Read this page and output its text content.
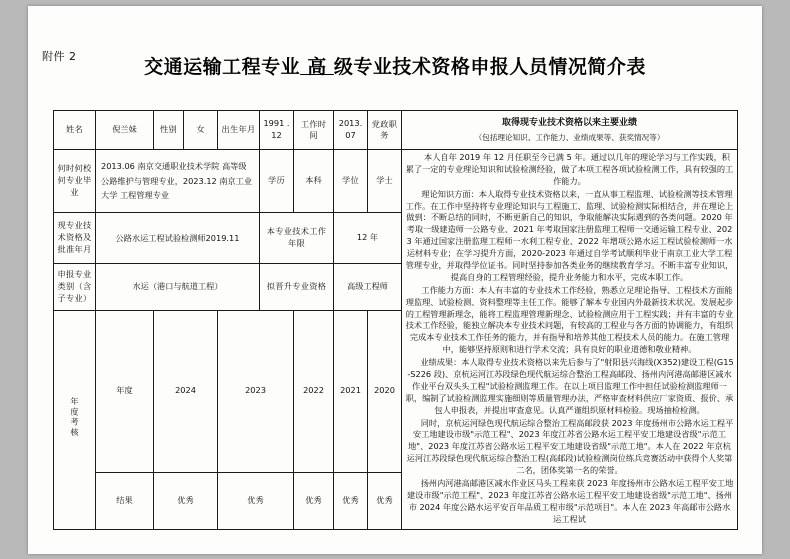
附件 2	交通运输工程专业 高 级专业技术资格申报人员情况简介表
姓名	倪兰妹	性别	女	出生年月	1991 .12	工作时间	2013.07	党政职务	取得现专业技术资格以来主要业绩
（包括理论知识、工作能力、业绩成果等、获奖情况等）

何时何校何专业毕业	2013.06 南京交通职业技术学院 高等级公路维护与管理专业，2023.12 南京工业大学 工程管理专业	学历	本科	学位	学士	

本人自年 2019 年 12 月任职至今已满 5 年。通过以几年的理论学习与工作实践，积累了一定的专业理论知识和试验检测经验，做了本项工程各项试验检测工作，具有较强的工作能力。

理论知识方面：本人取得专业技术资格以来，一直从事工程监理、试验检测等技术管理工作。在工作中坚持将专业理论知识与工程施工、监理、试验检测实际相结合，并在理论上做到：不断总结的同时，不断更新自己的知识，争取能解决实际遇到的各类问题。2020 年考取一级建造师一公路专业、2021 年考取国家注册监理工程师一交通运输工程专业、2023 年通过国家注册监理工程师一水利工程专业、2022 年增项公路水运工程试验检测师一水运材料专业；在学习提升方面，2020-2023 年通过自学考试顺利毕业于南京工业大学工程管理专业，并取得学位证书。同时坚持参加各类业务的继续教育学习。不断丰富专业知识，提高自身的工程管理经验，提升业务能力和水平，完成本职工作。

工作能力方面：本人有丰富的专业技术工作经验，熟悉立足理论指导、工程技术方面能理监理、试验检测、资料整理等主任工作。能够了解本专业国内外最新技术状况。发展起步的工程管理新理念，能将工程监理管理新理念、试验检测应用于工程实践；并有丰富的专业技术工作经验，能独立解决本专业技术问题，有较高的工程业与各方面的协调能力，有组织完成本专业技术工作任务的能力，并有指导和培养其他工程技术人员的能力。在施工管理中，能够坚持原则和进行学术交流；具有良好的职业道德和敬业精神。

业绩成果：本人取得专业技术资格以来先后参与了"射阳县兴海线(X352)建设工程(G15-S226 段)、京杭运河江苏段绿色现代航运综合整治工程高邮段、扬州内河港高邮港区减水作业平台双头头工程"试验检测监理工作。在以上项目监理工作中担任试验检测监理师一职，编制了试验检测监理实施细则等质量管理办法，严格审查材料供应厂家资质、报价、承包人申报表，并提出审查意见。认真严谨组织原材料检验。现场抽检检测。

同时，京杭运河绿色现代航运综合整治工程高邮段获 2023 年度扬州市公路水运工程平安工地建设市级"示范工程"、2023 年度江苏省公路水运工程平安工地建设省级"示范工地"、2023 年度江苏省公路水运工程平安工地建设省级"示范工地"。本人在 2022 年京杭运河江苏段绿色现代航运综合整治工程(高邮段)试验检测岗位练兵竞赛活动中获得个人奖第二名，团体奖第一名的荣誉。

扬州内河港高邮港区减水作业区马头工程来获 2023 年度扬州市公路水运工程平安工地建设市级"示范工程"、2023 年度江苏省公路水运工程平安工地建设省级"示范工地"、扬州市 2024 年度公路水运平安百年品质工程市级"示范项目"。本人在 2023 年高邮市公路水运工程试

现专业技术资格及批准年月	公路水运工程试验检测师2019.11				本专业技术工作年限		12 年		
申报专业类别（含子专业）	水运（港口与航道工程）				拟晋升专业资格		高级工程师		
年度考核	年度	2024		2023		2022	2021	2020	
	结果	优秀		优秀		优秀	优秀	优秀	
